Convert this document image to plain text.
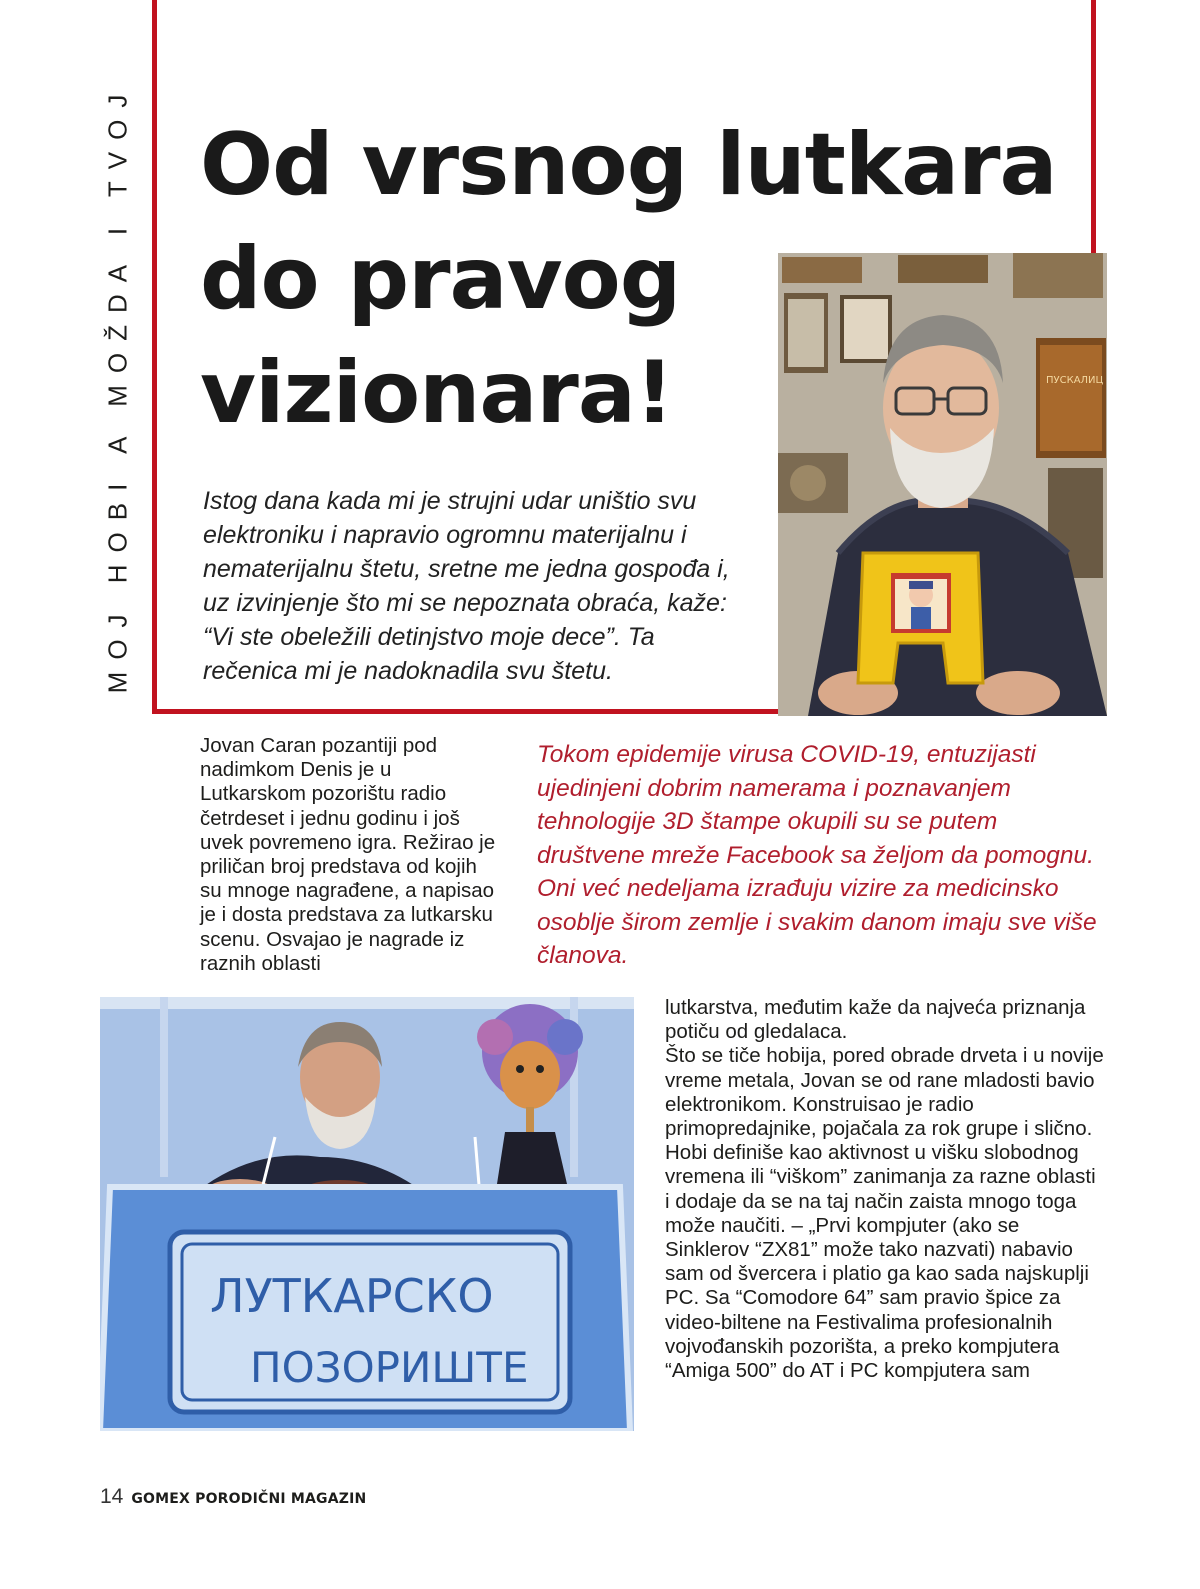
MOJ HOBI A MOŽDA I TVOJ Od vrsnog lutkara
do pravog
vizionara!

Istog dana kada mi je strujni udar uništio svu elektroniku i napravio ogromnu materijalnu i nematerijalnu štetu, sretne me jedna gospođa i, uz izvinjenje što mi se nepoznata obraća, kaže: “Vi ste obeležili detinjstvo moje dece”. Ta rečenica mi je nadoknadila svu štetu.

ПУСКАЛИЦ

Jovan Caran pozantiji pod nadimkom Denis je u Lutkarskom pozorištu radio četrdeset i jednu godinu i još uvek povremeno igra. Režirao je priličan broj predstava od kojih su mnoge nagrađene, a napisao je i dosta predstava za lutkarsku scenu. Osvajao je nagrade iz raznih oblasti

Tokom epidemije virusa COVID-19, entuzijasti ujedinjeni dobrim namerama i poznavanjem tehnologije 3D štampe okupili su se putem društvene mreže Facebook sa željom da pomognu. Oni već nedeljama izrađuju vizire za medicinsko osoblje širom zemlje i svakim danom imaju sve više članova.

ЛУТКАРСКО
ПОЗОРИШТЕ

lutkarstva, međutim kaže da najveća priznanja potiču od gledalaca.

Što se tiče hobija, pored obrade drveta i u novije vreme metala, Jovan se od rane mladosti bavio elektronikom. Konstruisao je radio primopredajnike, pojačala za rok grupe i slično. Hobi definiše kao aktivnost u višku slobodnog vremena ili “viškom” zanimanja za razne oblasti i dodaje da se na taj način zaista mnogo toga može naučiti. – „Prvi kompjuter (ako se Sinklerov “ZX81” može tako nazvati) nabavio sam od švercera i platio ga kao sada najskuplji PC. Sa “Comodore 64” sam pravio špice za video-biltene na Festivalima profesionalnih vojvođanskih pozorišta, a preko kompjutera “Amiga 500” do AT i PC kompjutera sam

14 GOMEX PORODIČNI MAGAZIN
